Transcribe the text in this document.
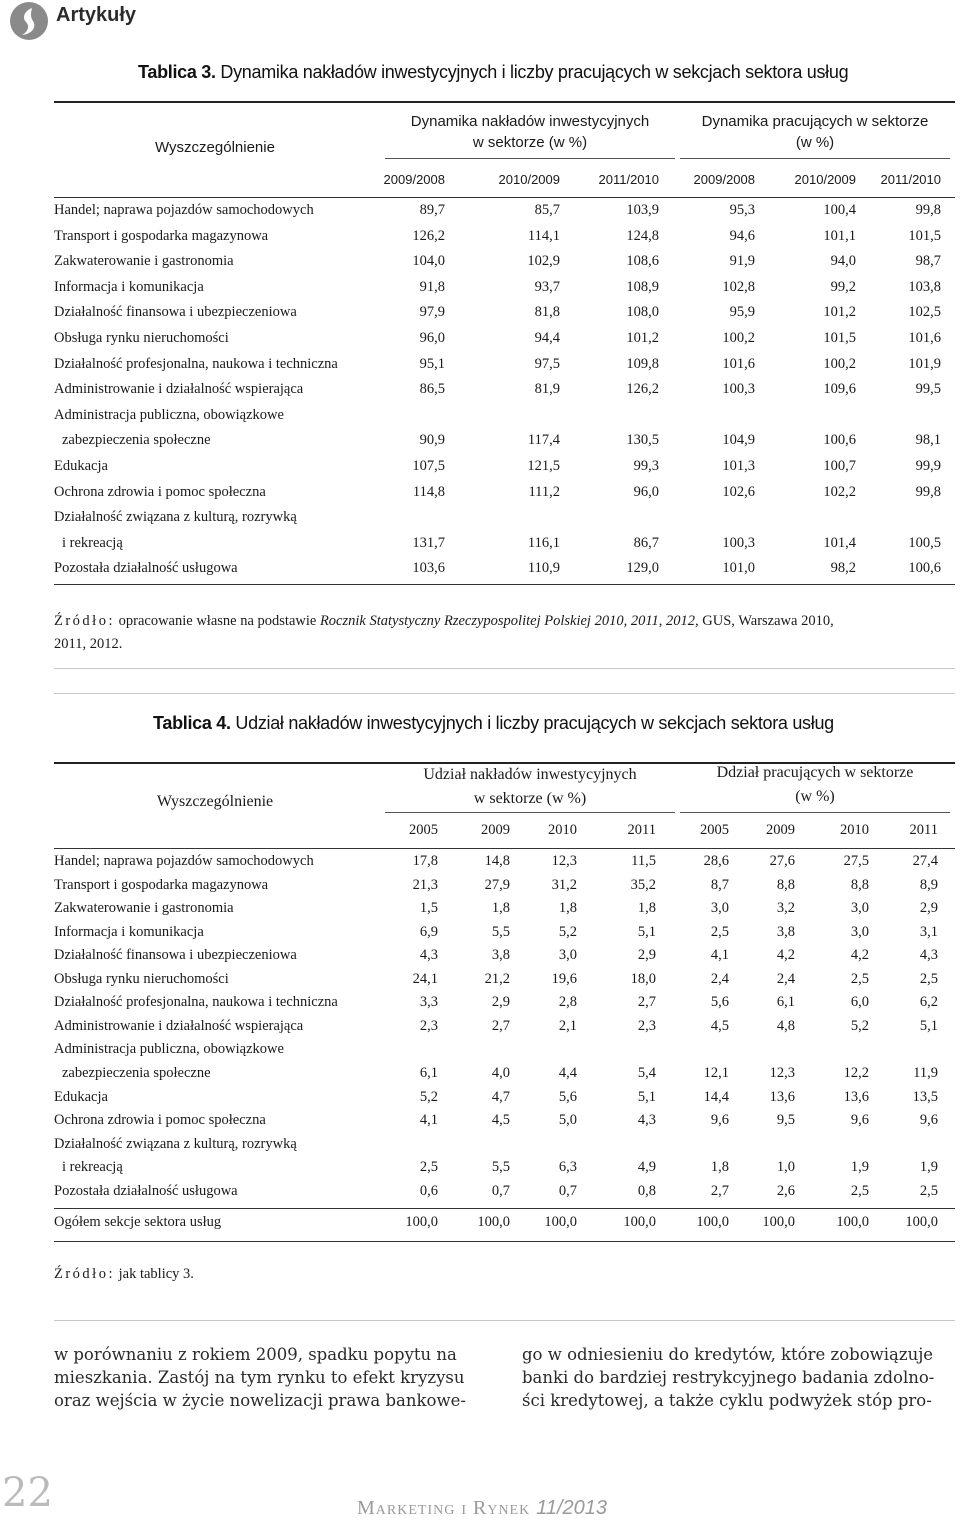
Artykuły
Tablica 3. Dynamika nakładów inwestycyjnych i liczby pracujących w sekcjach sektora usług
Wyszczególnienie
Dynamika nakładów inwestycyjnych
w sektorze (w %)
Dynamika pracujących w sektorze
(w %)
2009/2008	2010/2009	2011/2010	2009/2008	2010/2009	2011/2010
Handel; naprawa pojazdów samochodowych	89,7	85,7	103,9	95,3	100,4	99,8
Transport i gospodarka magazynowa	126,2	114,1	124,8	94,6	101,1	101,5
Zakwaterowanie i gastronomia	104,0	102,9	108,6	91,9	94,0	98,7
Informacja i komunikacja	91,8	93,7	108,9	102,8	99,2	103,8
Działalność finansowa i ubezpieczeniowa	97,9	81,8	108,0	95,9	101,2	102,5
Obsługa rynku nieruchomości	96,0	94,4	101,2	100,2	101,5	101,6
Działalność profesjonalna, naukowa i techniczna	95,1	97,5	109,8	101,6	100,2	101,9
Administrowanie i działalność wspierająca	86,5	81,9	126,2	100,3	109,6	99,5
Administracja publiczna, obowiązkowe
zabezpieczenia społeczne	90,9	117,4	130,5	104,9	100,6	98,1
Edukacja	107,5	121,5	99,3	101,3	100,7	99,9
Ochrona zdrowia i pomoc społeczna	114,8	111,2	96,0	102,6	102,2	99,8
Działalność związana z kulturą, rozrywką
i rekreacją	131,7	116,1	86,7	100,3	101,4	100,5
Pozostała działalność usługowa	103,6	110,9	129,0	101,0	98,2	100,6
Źródło: opracowanie własne na podstawie Rocznik Statystyczny Rzeczypospolitej Polskiej 2010, 2011, 2012, GUS, Warszawa 2010,
2011, 2012.
Tablica 4. Udział nakładów inwestycyjnych i liczby pracujących w sekcjach sektora usług
Wyszczególnienie
Udział nakładów inwestycyjnych
w sektorze (w %)
Ddział pracujących w sektorze
(w %)
2005	2009	2010	2011	2005	2009	2010	2011
Handel; naprawa pojazdów samochodowych	17,8	14,8	12,3	11,5	28,6	27,6	27,5	27,4
Transport i gospodarka magazynowa	21,3	27,9	31,2	35,2	8,7	8,8	8,8	8,9
Zakwaterowanie i gastronomia	1,5	1,8	1,8	1,8	3,0	3,2	3,0	2,9
Informacja i komunikacja	6,9	5,5	5,2	5,1	2,5	3,8	3,0	3,1
Działalność finansowa i ubezpieczeniowa	4,3	3,8	3,0	2,9	4,1	4,2	4,2	4,3
Obsługa rynku nieruchomości	24,1	21,2	19,6	18,0	2,4	2,4	2,5	2,5
Działalność profesjonalna, naukowa i techniczna	3,3	2,9	2,8	2,7	5,6	6,1	6,0	6,2
Administrowanie i działalność wspierająca	2,3	2,7	2,1	2,3	4,5	4,8	5,2	5,1
Administracja publiczna, obowiązkowe
zabezpieczenia społeczne	6,1	4,0	4,4	5,4	12,1	12,3	12,2	11,9
Edukacja	5,2	4,7	5,6	5,1	14,4	13,6	13,6	13,5
Ochrona zdrowia i pomoc społeczna	4,1	4,5	5,0	4,3	9,6	9,5	9,6	9,6
Działalność związana z kulturą, rozrywką
i rekreacją	2,5	5,5	6,3	4,9	1,8	1,0	1,9	1,9
Pozostała działalność usługowa	0,6	0,7	0,7	0,8	2,7	2,6	2,5	2,5
Ogółem sekcje sektora usług	100,0	100,0	100,0	100,0	100,0	100,0	100,0	100,0
Źródło: jak tablicy 3.
w porównaniu z rokiem 2009, spadku popytu na
mieszkania. Zastój na tym rynku to efekt kryzysu
oraz wejścia w życie nowelizacji prawa bankowe-
go w odniesieniu do kredytów, które zobowiązuje
banki do bardziej restrykcyjnego badania zdolno-
ści kredytowej, a także cyklu podwyżek stóp pro-
22	Marketing i Rynek 11/2013
